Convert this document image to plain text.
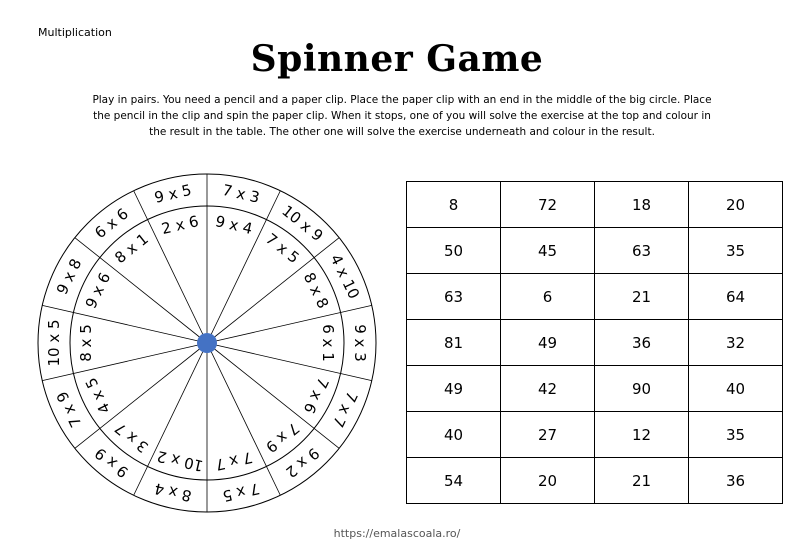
Multiplication
Spinner Game
Play in pairs. You need a pencil and a paper clip. Place the paper clip with an end in the middle of the big circle. Place the pencil in the clip and spin the paper clip. When it stops, one of you will solve the exercise at the top and colour in the result in the table. The other one will solve the exercise underneath and colour in the result.
7 x 3
10 x 9
4 x 10
9 x 3
7 x 7
9 x 2
7 x 5
8 x 4
9 x 9
7 x 9
10 x 5
9 x 8
6 x 6
9 x 5
9 x 4
7 x 5
8 x 8
6 x 1
7 x 6
7 x 9
7 x 7
10 x 2
3 x 7
4 x 5
8 x 5
9 x 6
8 x 1
2 x 6
8	72	18	20
50	45	63	35
63	6	21	64
81	49	36	32
49	42	90	40
40	27	12	35
54	20	21	36
https://emalascoala.ro/
